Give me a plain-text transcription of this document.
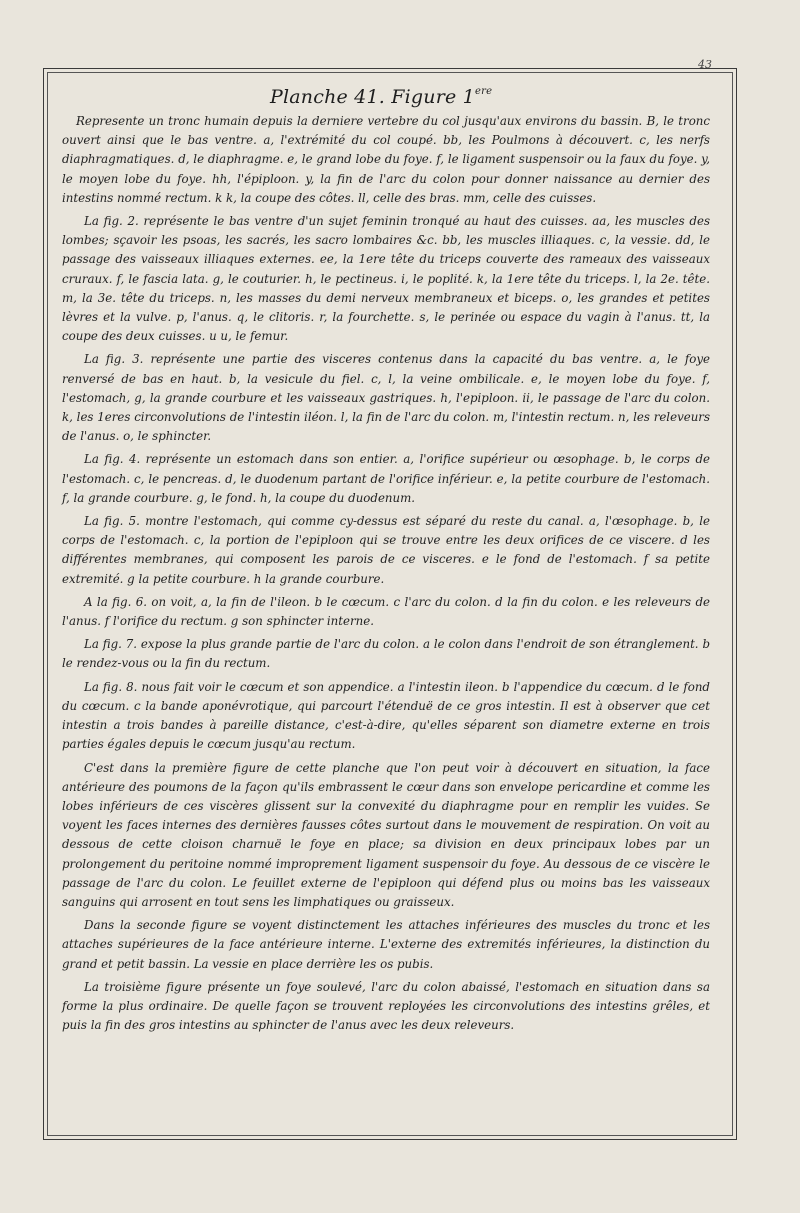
43
Planche 41. Figure 1ere

Represente un tronc humain depuis la derniere vertebre du col jusqu'aux environs du bassin. B, le tronc ouvert ainsi que le bas ventre. a, l'extrémité du col coupé. bb, les Poulmons à découvert. c, les nerfs diaphragmatiques. d, le diaphragme. e, le grand lobe du foye. f, le ligament suspensoir ou la faux du foye. y, le moyen lobe du foye. hh, l'épiploon. y, la fin de l'arc du colon pour donner naissance au dernier des intestins nommé rectum. k k, la coupe des côtes. ll, celle des bras. mm, celle des cuisses.

La fig. 2. représente le bas ventre d'un sujet feminin tronqué au haut des cuisses. aa, les muscles des lombes; sçavoir les psoas, les sacrés, les sacro lombaires &c. bb, les muscles illiaques. c, la vessie. dd, le passage des vaisseaux illiaques externes. ee, la 1ere tête du triceps couverte des rameaux des vaisseaux cruraux. f, le fascia lata. g, le couturier. h, le pectineus. i, le poplité. k, la 1ere tête du triceps. l, la 2e. tête. m, la 3e. tête du triceps. n, les masses du demi nerveux membraneux et biceps. o, les grandes et petites lèvres et la vulve. p, l'anus. q, le clitoris. r, la fourchette. s, le perinée ou espace du vagin à l'anus. tt, la coupe des deux cuisses. u u, le femur.

La fig. 3. représente une partie des visceres contenus dans la capacité du bas ventre. a, le foye renversé de bas en haut. b, la vesicule du fiel. c, l, la veine ombilicale. e, le moyen lobe du foye. f, l'estomach, g, la grande courbure et les vaisseaux gastriques. h, l'epiploon. ii, le passage de l'arc du colon. k, les 1eres circonvolutions de l'intestin iléon. l, la fin de l'arc du colon. m, l'intestin rectum. n, les releveurs de l'anus. o, le sphincter.

La fig. 4. représente un estomach dans son entier. a, l'orifice supérieur ou œsophage. b, le corps de l'estomach. c, le pencreas. d, le duodenum partant de l'orifice inférieur. e, la petite courbure de l'estomach. f, la grande courbure. g, le fond. h, la coupe du duodenum.

La fig. 5. montre l'estomach, qui comme cy-dessus est séparé du reste du canal. a, l'œsophage. b, le corps de l'estomach. c, la portion de l'epiploon qui se trouve entre les deux orifices de ce viscere. d les différentes membranes, qui composent les parois de ce visceres. e le fond de l'estomach. f sa petite extremité. g la petite courbure. h la grande courbure.

A la fig. 6. on voit, a, la fin de l'ileon. b le cœcum. c l'arc du colon. d la fin du colon. e les releveurs de l'anus. f l'orifice du rectum. g son sphincter interne.

La fig. 7. expose la plus grande partie de l'arc du colon. a le colon dans l'endroit de son étranglement. b le rendez-vous ou la fin du rectum.

La fig. 8. nous fait voir le cœcum et son appendice. a l'intestin ileon. b l'appendice du cœcum. d le fond du cœcum. c la bande aponévrotique, qui parcourt l'étenduë de ce gros intestin. Il est à observer que cet intestin a trois bandes à pareille distance, c'est-à-dire, qu'elles séparent son diametre externe en trois parties égales depuis le cœcum jusqu'au rectum.

C'est dans la première figure de cette planche que l'on peut voir à découvert en situation, la face antérieure des poumons de la façon qu'ils embrassent le cœur dans son envelope pericardine et comme les lobes inférieurs de ces viscères glissent sur la convexité du diaphragme pour en remplir les vuides. Se voyent les faces internes des dernières fausses côtes surtout dans le mouvement de respiration. On voit au dessous de cette cloison charnuë le foye en place; sa division en deux principaux lobes par un prolongement du peritoine nommé improprement ligament suspensoir du foye. Au dessous de ce viscère le passage de l'arc du colon. Le feuillet externe de l'epiploon qui défend plus ou moins bas les vaisseaux sanguins qui arrosent en tout sens les limphatiques ou graisseux.

Dans la seconde figure se voyent distinctement les attaches inférieures des muscles du tronc et les attaches supérieures de la face antérieure interne. L'externe des extremités inférieures, la distinction du grand et petit bassin. La vessie en place derrière les os pubis.

La troisième figure présente un foye soulevé, l'arc du colon abaissé, l'estomach en situation dans sa forme la plus ordinaire. De quelle façon se trouvent reployées les circonvolutions des intestins grêles, et puis la fin des gros intestins au sphincter de l'anus avec les deux releveurs.
